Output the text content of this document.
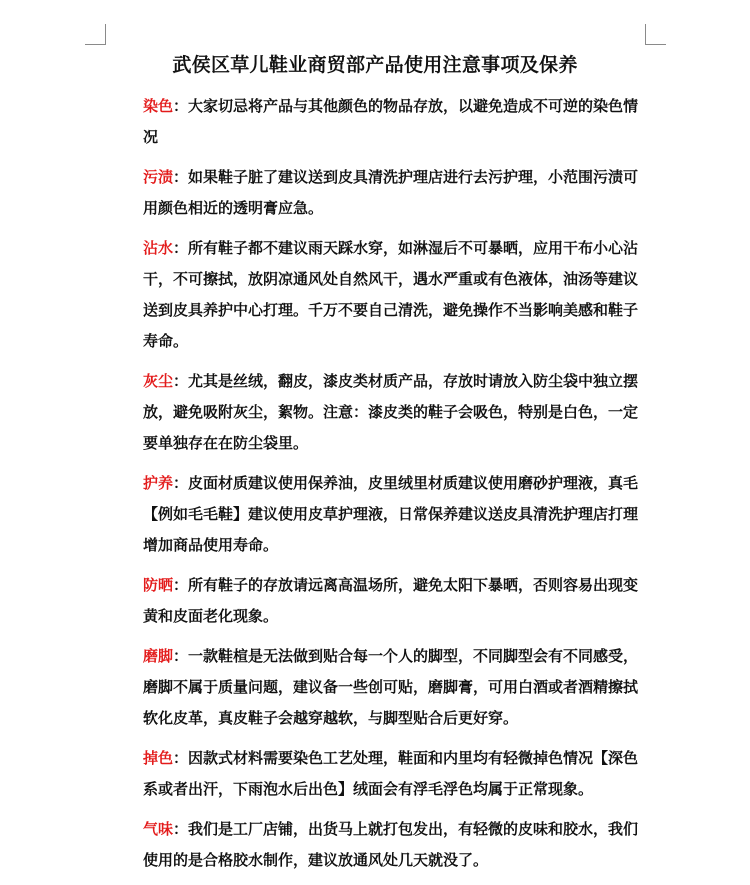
武侯区草儿鞋业商贸部产品使用注意事项及保养
染色：大家切忌将产品与其他颜色的物品存放，以避免造成不可逆的染色情况
污渍：如果鞋子脏了建议送到皮具清洗护理店进行去污护理，小范围污渍可用颜色相近的透明膏应急。
沾水：所有鞋子都不建议雨天踩水穿，如淋湿后不可暴晒，应用干布小心沾干，不可擦拭，放阴凉通风处自然风干，遇水严重或有色液体，油汤等建议送到皮具养护中心打理。千万不要自己清洗，避免操作不当影响美感和鞋子寿命。
灰尘：尤其是丝绒，翻皮，漆皮类材质产品，存放时请放入防尘袋中独立摆放，避免吸附灰尘，絮物。注意：漆皮类的鞋子会吸色，特别是白色，一定要单独存在在防尘袋里。
护养：皮面材质建议使用保养油，皮里绒里材质建议使用磨砂护理液，真毛【例如毛毛鞋】建议使用皮草护理液，日常保养建议送皮具清洗护理店打理增加商品使用寿命。
防晒：所有鞋子的存放请远离高温场所，避免太阳下暴晒，否则容易出现变黄和皮面老化现象。
磨脚：一款鞋楦是无法做到贴合每一个人的脚型，不同脚型会有不同感受，磨脚不属于质量问题，建议备一些创可贴，磨脚膏，可用白酒或者酒精擦拭软化皮革，真皮鞋子会越穿越软，与脚型贴合后更好穿。
掉色：因款式材料需要染色工艺处理，鞋面和内里均有轻微掉色情况【深色系或者出汗，下雨泡水后出色】绒面会有浮毛浮色均属于正常现象。
气味：我们是工厂店铺，出货马上就打包发出，有轻微的皮味和胶水，我们使用的是合格胶水制作，建议放通风处几天就没了。
